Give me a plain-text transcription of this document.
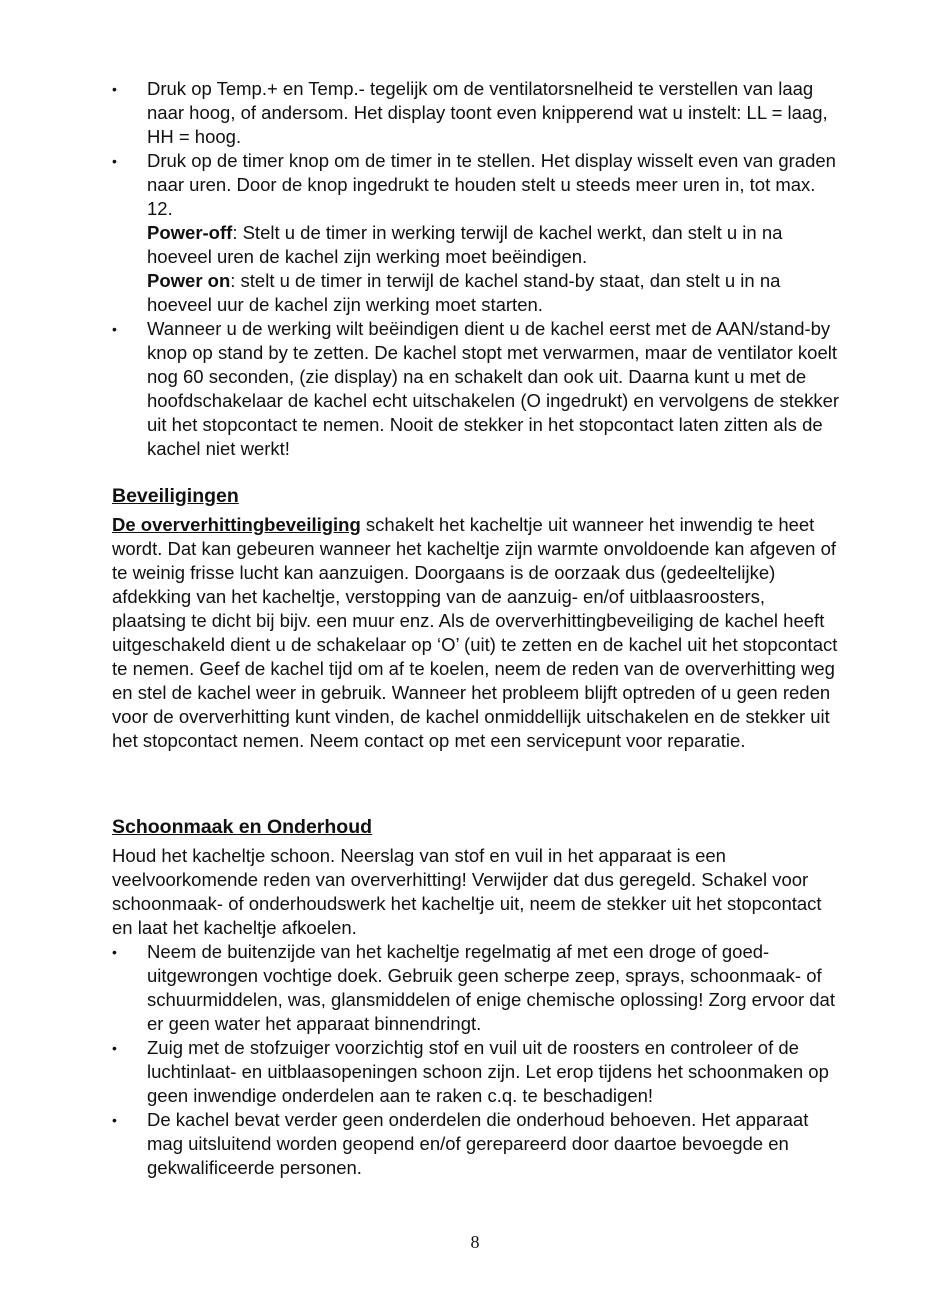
• Druk op Temp.+ en Temp.- tegelijk om de ventilatorsnelheid te verstellen van laag naar hoog, of andersom. Het display toont even knipperend wat u instelt: LL = laag, HH = hoog.
• Druk op de timer knop om de timer in te stellen. Het display wisselt even van graden naar uren. Door de knop ingedrukt te houden stelt u steeds meer uren in, tot max. 12.
Power-off: Stelt u de timer in werking terwijl de kachel werkt, dan stelt u in na hoeveel uren de kachel zijn werking moet beëindigen.
Power on: stelt u de timer in terwijl de kachel stand-by staat, dan stelt u in na hoeveel uur de kachel zijn werking moet starten.
• Wanneer u de werking wilt beëindigen dient u de kachel eerst met de AAN/stand-by knop op stand by te zetten. De kachel stopt met verwarmen, maar de ventilator koelt nog 60 seconden, (zie display) na en schakelt dan ook uit. Daarna kunt u met de hoofdschakelaar de kachel echt uitschakelen (O ingedrukt) en vervolgens de stekker uit het stopcontact te nemen. Nooit de stekker in het stopcontact laten zitten als de kachel niet werkt!
Beveiligingen

De oververhittingbeveiliging schakelt het kacheltje uit wanneer het inwendig te heet wordt. Dat kan gebeuren wanneer het kacheltje zijn warmte onvoldoende kan afgeven of te weinig frisse lucht kan aanzuigen. Doorgaans is de oorzaak dus (gedeeltelijke) afdekking van het kacheltje, verstopping van de aanzuig- en/of uitblaasroosters, plaatsing te dicht bij bijv. een muur enz. Als de oververhittingbeveiliging de kachel heeft uitgeschakeld dient u de schakelaar op ‘O’ (uit) te zetten en de kachel uit het stopcontact te nemen. Geef de kachel tijd om af te koelen, neem de reden van de oververhitting weg en stel de kachel weer in gebruik. Wanneer het probleem blijft optreden of u geen reden voor de oververhitting kunt vinden, de kachel onmiddellijk uitschakelen en de stekker uit het stopcontact nemen. Neem contact op met een servicepunt voor reparatie.

Schoonmaak en Onderhoud

Houd het kacheltje schoon. Neerslag van stof en vuil in het apparaat is een veelvoorkomende reden van oververhitting! Verwijder dat dus geregeld. Schakel voor schoonmaak- of onderhoudswerk het kacheltje uit, neem de stekker uit het stopcontact en laat het kacheltje afkoelen.

• Neem de buitenzijde van het kacheltje regelmatig af met een droge of goed-uitgewrongen vochtige doek. Gebruik geen scherpe zeep, sprays, schoonmaak- of schuurmiddelen, was, glansmiddelen of enige chemische oplossing! Zorg ervoor dat er geen water het apparaat binnendringt.
• Zuig met de stofzuiger voorzichtig stof en vuil uit de roosters en controleer of de luchtinlaat- en uitblaasopeningen schoon zijn. Let erop tijdens het schoonmaken op geen inwendige onderdelen aan te raken c.q. te beschadigen!
• De kachel bevat verder geen onderdelen die onderhoud behoeven. Het apparaat mag uitsluitend worden geopend en/of gerepareerd door daartoe bevoegde en gekwalificeerde personen.
8
